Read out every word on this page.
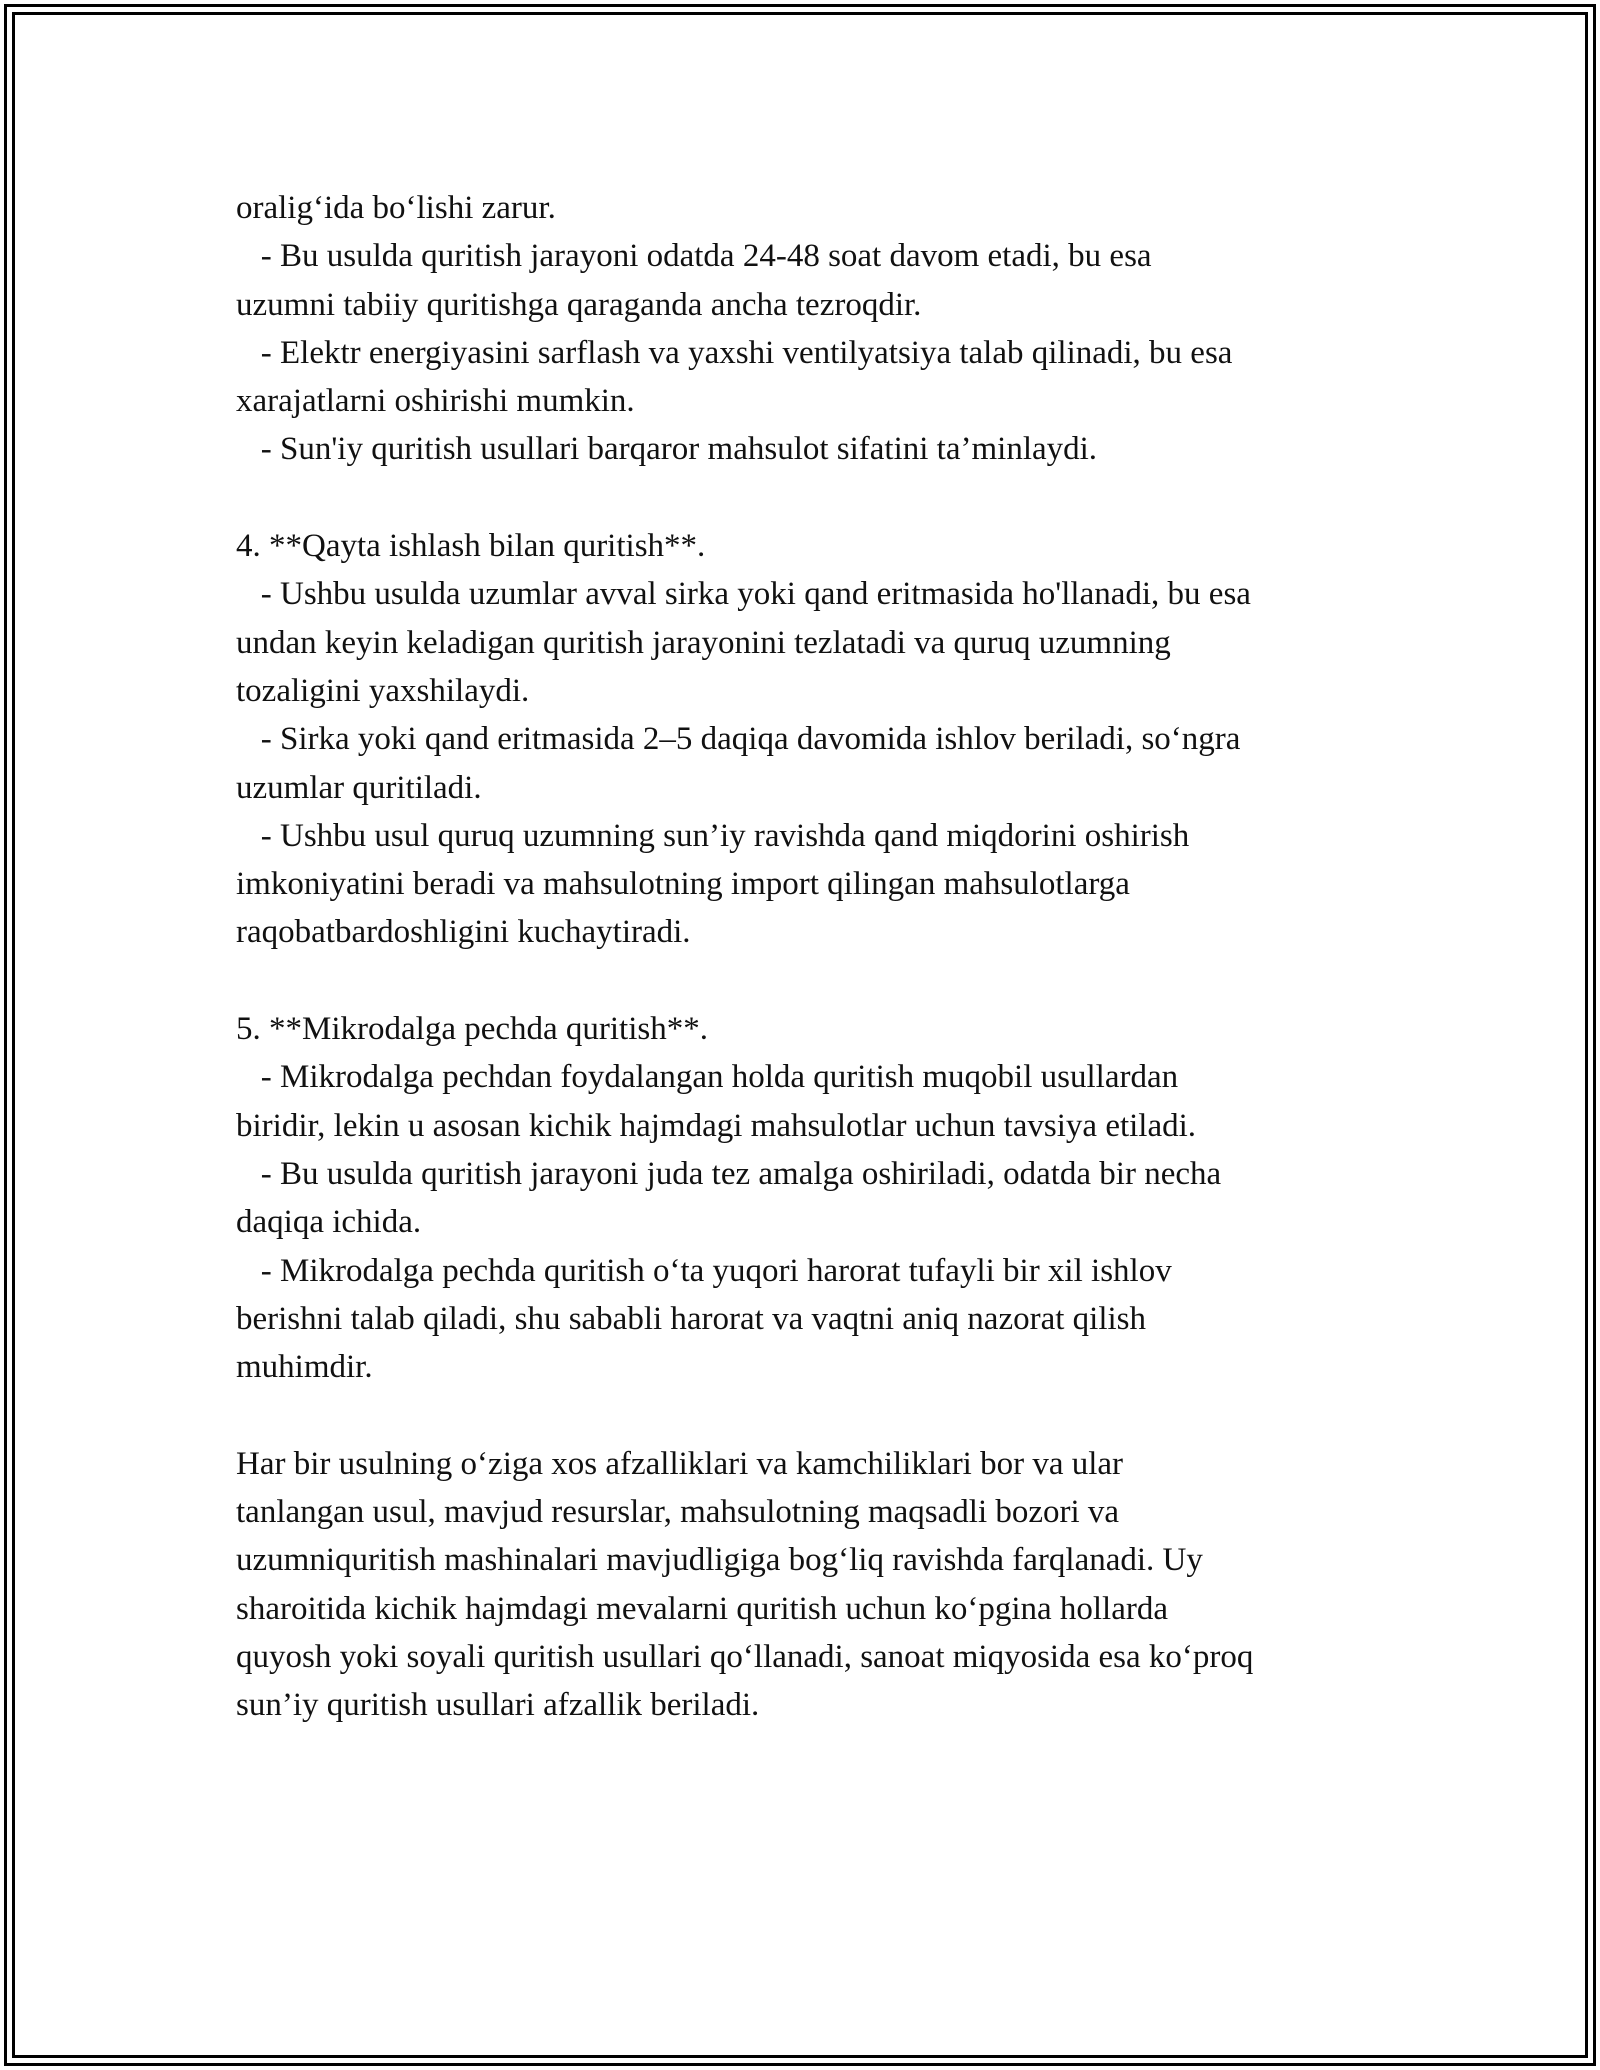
oralig‘ida bo‘lishi zarur.

- Bu usulda quritish jarayoni odatda 24-48 soat davom etadi, bu esa

uzumni tabiiy quritishga qaraganda ancha tezroqdir.

- Elektr energiyasini sarflash va yaxshi ventilyatsiya talab qilinadi, bu esa

xarajatlarni oshirishi mumkin.

- Sun'iy quritish usullari barqaror mahsulot sifatini ta’minlaydi.

4. **Qayta ishlash bilan quritish**.

- Ushbu usulda uzumlar avval sirka yoki qand eritmasida ho'llanadi, bu esa

undan keyin keladigan quritish jarayonini tezlatadi va quruq uzumning

tozaligini yaxshilaydi.

- Sirka yoki qand eritmasida 2–5 daqiqa davomida ishlov beriladi, so‘ngra

uzumlar quritiladi.

- Ushbu usul quruq uzumning sun’iy ravishda qand miqdorini oshirish

imkoniyatini beradi va mahsulotning import qilingan mahsulotlarga

raqobatbardoshligini kuchaytiradi.

5. **Mikrodalga pechda quritish**.

- Mikrodalga pechdan foydalangan holda quritish muqobil usullardan

biridir, lekin u asosan kichik hajmdagi mahsulotlar uchun tavsiya etiladi.

- Bu usulda quritish jarayoni juda tez amalga oshiriladi, odatda bir necha

daqiqa ichida.

- Mikrodalga pechda quritish o‘ta yuqori harorat tufayli bir xil ishlov

berishni talab qiladi, shu sababli harorat va vaqtni aniq nazorat qilish

muhimdir.

Har bir usulning o‘ziga xos afzalliklari va kamchiliklari bor va ular

tanlangan usul, mavjud resurslar, mahsulotning maqsadli bozori va

uzumniquritish mashinalari mavjudligiga bog‘liq ravishda farqlanadi. Uy

sharoitida kichik hajmdagi mevalarni quritish uchun ko‘pgina hollarda

quyosh yoki soyali quritish usullari qo‘llanadi, sanoat miqyosida esa ko‘proq

sun’iy quritish usullari afzallik beriladi.
